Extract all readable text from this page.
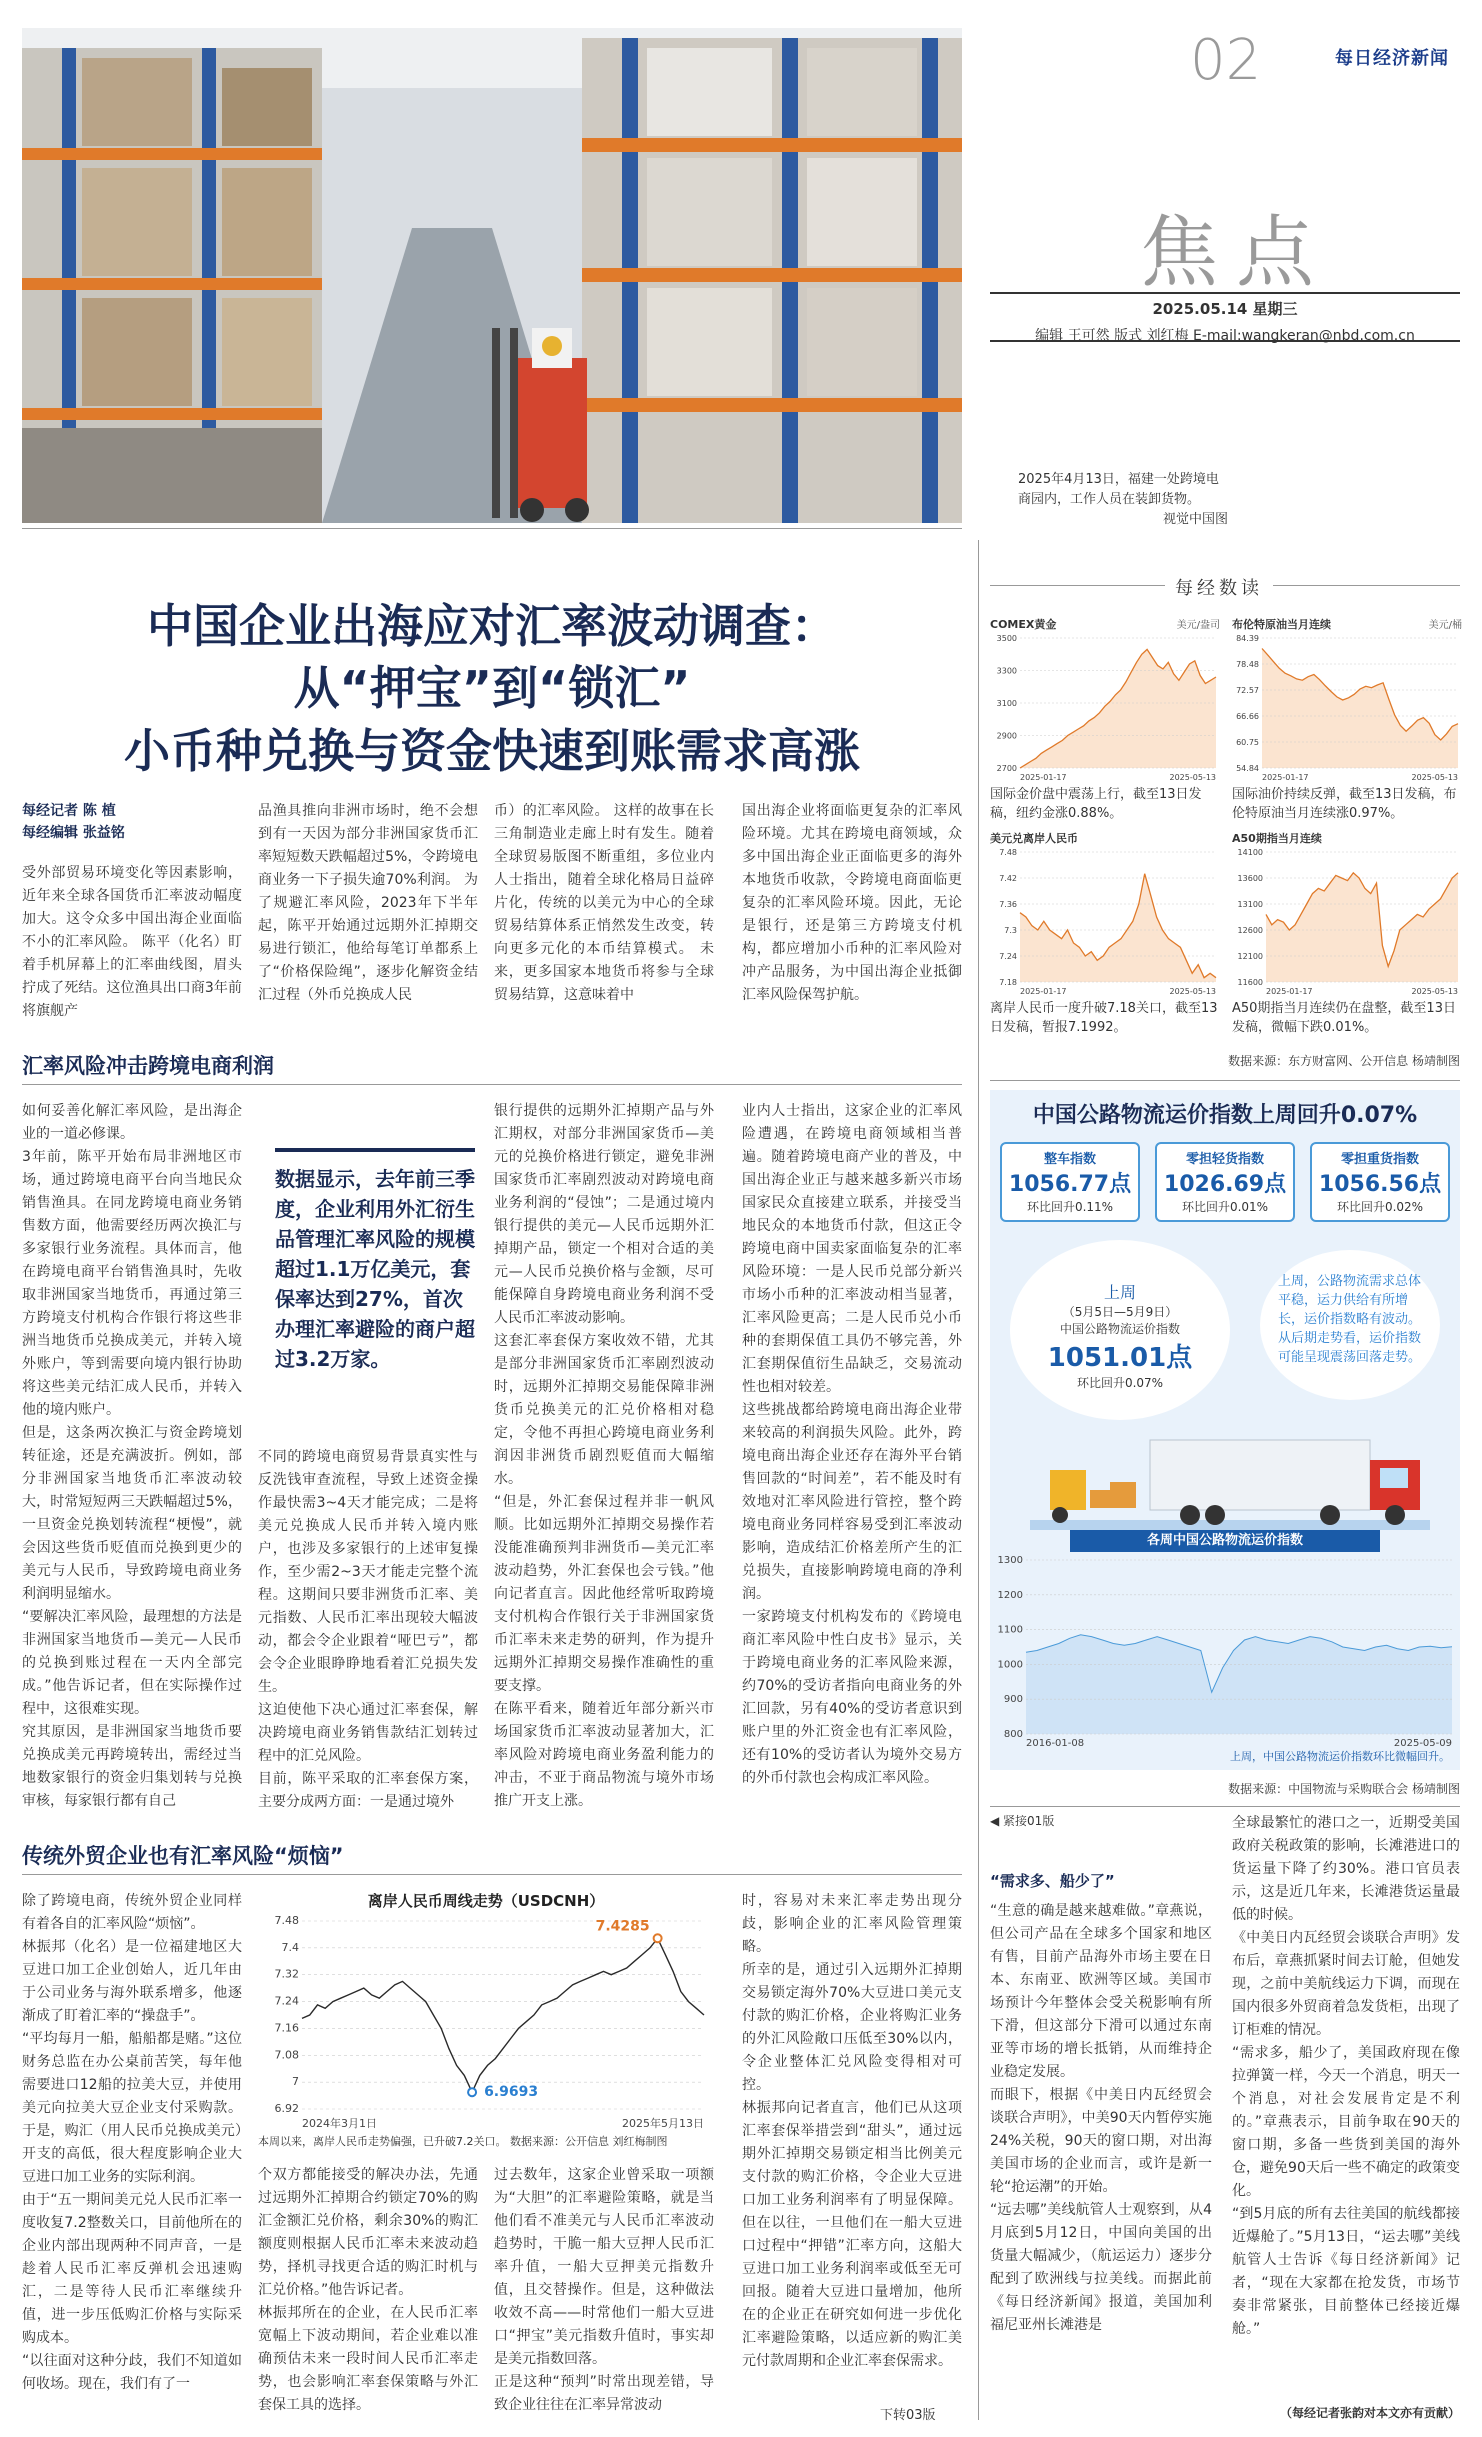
02	每日经济新闻
焦点
2025.05.14 星期三
编辑 王可然 版式 刘红梅 E-mail:wangkeran@nbd.com.cn
2025年4月13日，福建一处跨境电商园内，工作人员在装卸货物。

视觉中国图
中国企业出海应对汇率波动调查：
从“押宝”到“锁汇”
小币种兑换与资金快速到账需求高涨
每经记者 陈 植
每经编辑 张益铭
受外部贸易环境变化等因素影响，近年来全球各国货币汇率波动幅度加大。这令众多中国出海企业面临不小的汇率风险。 陈平（化名）盯着手机屏幕上的汇率曲线图，眉头拧成了死结。这位渔具出口商3年前将旗舰产
品渔具推向非洲市场时，绝不会想到有一天因为部分非洲国家货币汇率短短数天跌幅超过5%，令跨境电商业务一下子损失逾70%利润。 为了规避汇率风险，2023年下半年起，陈平开始通过远期外汇掉期交易进行锁汇，他给每笔订单都系上了“价格保险绳”，逐步化解资金结汇过程（外币兑换成人民
币）的汇率风险。 这样的故事在长三角制造业走廊上时有发生。随着全球贸易版图不断重组，多位业内人士指出，随着全球化格局日益碎片化，传统的以美元为中心的全球贸易结算体系正悄然发生改变，转向更多元化的本币结算模式。 未来，更多国家本地货币将参与全球贸易结算，这意味着中
国出海企业将面临更复杂的汇率风险环境。尤其在跨境电商领域，众多中国出海企业正面临更多的海外本地货币收款，令跨境电商面临更复杂的汇率风险环境。因此，无论是银行，还是第三方跨境支付机构，都应增加小币种的汇率风险对冲产品服务，为中国出海企业抵御汇率风险保驾护航。
汇率风险冲击跨境电商利润
如何妥善化解汇率风险，是出海企业的一道必修课。
3年前，陈平开始布局非洲地区市场，通过跨境电商平台向当地民众销售渔具。在同龙跨境电商业务销售数方面，他需要经历两次换汇与多家银行业务流程。具体而言，他在跨境电商平台销售渔具时，先收取非洲国家当地货币，再通过第三方跨境支付机构合作银行将这些非洲当地货币兑换成美元，并转入境外账户，等到需要向境内银行协助将这些美元结汇成人民币，并转入他的境内账户。
但是，这条两次换汇与资金跨境划转征途，还是充满波折。例如，部分非洲国家当地货币汇率波动较大，时常短短两三天跌幅超过5%，一旦资金兑换划转流程“梗慢”，就会因这些货币贬值而兑换到更少的美元与人民币，导致跨境电商业务利润明显缩水。
“要解决汇率风险，最理想的方法是非洲国家当地货币—美元—人民币的兑换到账过程在一天内全部完成。”他告诉记者，但在实际操作过程中，这很难实现。
究其原因，是非洲国家当地货币要兑换成美元再跨境转出，需经过当地数家银行的资金归集划转与兑换审核，每家银行都有自己
数据显示，去年前三季度，企业利用外汇衍生品管理汇率风险的规模超过1.1万亿美元，套保率达到27%，首次办理汇率避险的商户超过3.2万家。
不同的跨境电商贸易背景真实性与反洗钱审查流程，导致上述资金操作最快需3~4天才能完成；二是将美元兑换成人民币并转入境内账户，也涉及多家银行的上述审复操作，至少需2~3天才能走完整个流程。这期间只要非洲货币汇率、美元指数、人民币汇率出现较大幅波动，都会令企业跟着“哑巴亏”，都会令企业眼睁睁地看着汇兑损失发生。
这迫使他下决心通过汇率套保，解决跨境电商业务销售款结汇划转过程中的汇兑风险。
目前，陈平采取的汇率套保方案，主要分成两方面：一是通过境外
银行提供的远期外汇掉期产品与外汇期权，对部分非洲国家货币—美元的兑换价格进行锁定，避免非洲国家货币汇率剧烈波动对跨境电商业务利润的“侵蚀”；二是通过境内银行提供的美元—人民币远期外汇掉期产品，锁定一个相对合适的美元—人民币兑换价格与金额，尽可能保障自身跨境电商业务利润不受人民币汇率波动影响。
这套汇率套保方案收效不错，尤其是部分非洲国家货币汇率剧烈波动时，远期外汇掉期交易能保障非洲货币兑换美元的汇兑价格相对稳定，令他不再担心跨境电商业务利润因非洲货币剧烈贬值而大幅缩水。
“但是，外汇套保过程并非一帆风顺。比如远期外汇掉期交易操作若没能准确预判非洲货币—美元汇率波动趋势，外汇套保也会亏钱。”他向记者直言。因此他经常听取跨境支付机构合作银行关于非洲国家货币汇率未来走势的研判，作为提升远期外汇掉期交易操作准确性的重要支撑。
在陈平看来，随着近年部分新兴市场国家货币汇率波动显著加大，汇率风险对跨境电商业务盈利能力的冲击，不亚于商品物流与境外市场推广开支上涨。
业内人士指出，这家企业的汇率风险遭遇，在跨境电商领域相当普遍。随着跨境电商产业的普及，中国出海企业正与越来越多新兴市场国家民众直接建立联系，并接受当地民众的本地货币付款，但这正令跨境电商中国卖家面临复杂的汇率风险环境：一是人民币兑部分新兴市场小币种的汇率波动相当显著，汇率风险更高；二是人民币兑小币种的套期保值工具仍不够完善，外汇套期保值衍生品缺乏，交易流动性也相对较差。
这些挑战都给跨境电商出海企业带来较高的利润损失风险。此外，跨境电商出海企业还存在海外平台销售回款的“时间差”，若不能及时有效地对汇率风险进行管控，整个跨境电商业务同样容易受到汇率波动影响，造成结汇价格差所产生的汇兑损失，直接影响跨境电商的净利润。
一家跨境支付机构发布的《跨境电商汇率风险中性白皮书》显示，关于跨境电商业务的汇率风险来源，约70%的受访者指向电商业务的外汇回款，另有40%的受访者意识到账户里的外汇资金也有汇率风险，还有10%的受访者认为境外交易方的外币付款也会构成汇率风险。
传统外贸企业也有汇率风险“烦恼”
除了跨境电商，传统外贸企业同样有着各自的汇率风险“烦恼”。
林振邦（化名）是一位福建地区大豆进口加工企业创始人，近几年由于公司业务与海外联系增多，他逐渐成了盯着汇率的“操盘手”。
“平均每月一船，船船都是赌。”这位财务总监在办公桌前苦笑，每年他需要进口12船的拉美大豆，并使用美元向拉美大豆企业支付采购款。于是，购汇（用人民币兑换成美元）开支的高低，很大程度影响企业大豆进口加工业务的实际利润。
由于“五一期间美元兑人民币汇率一度收复7.2整数关口，目前他所在的企业内部出现两种不同声音，一是趁着人民币汇率反弹机会迅速购汇，二是等待人民币汇率继续升值，进一步压低购汇价格与实际采购成本。
“以往面对这种分歧，我们不知道如何收场。现在，我们有了一
离岸人民币周线走势（USDCNH）
6.92
7
7.08
7.16
7.24
7.32
7.4
7.48
2024年3月1日	2025年5月13日
7.4285
6.9693
本周以来，离岸人民币走势偏强，已升破7.2关口。 数据来源：公开信息 刘红梅制图
个双方都能接受的解决办法，先通过远期外汇掉期合约锁定70%的购汇金额汇兑价格，剩余30%的购汇额度则根据人民币汇率未来波动趋势，择机寻找更合适的购汇时机与汇兑价格。”他告诉记者。
林振邦所在的企业，在人民币汇率宽幅上下波动期间，若企业难以准确预估未来一段时间人民币汇率走势，也会影响汇率套保策略与外汇套保工具的选择。
过去数年，这家企业曾采取一项额为“大胆”的汇率避险策略，就是当他们看不准美元与人民币汇率波动趋势时，干脆一船大豆押人民币汇率升值，一船大豆押美元指数升值，且交替操作。但是，这种做法收效不高——时常他们一船大豆进口“押宝”美元指数升值时，事实却是美元指数回落。
正是这种“预判”时常出现差错，导致企业往往在汇率异常波动
时，容易对未来汇率走势出现分歧，影响企业的汇率风险管理策略。
所幸的是，通过引入远期外汇掉期交易锁定海外70%大豆进口美元支付款的购汇价格，企业将购汇业务的外汇风险敞口压低至30%以内，令企业整体汇兑风险变得相对可控。
林振邦向记者直言，他们已从这项汇率套保举措尝到“甜头”，通过远期外汇掉期交易锁定相当比例美元支付款的购汇价格，令企业大豆进口加工业务利润率有了明显保障。但在以往，一旦他们在一船大豆进口过程中“押错”汇率方向，这船大豆进口加工业务利润率或低至无可回报。随着大豆进口量增加，他所在的企业正在研究如何进一步优化汇率避险策略，以适应新的购汇美元付款周期和企业汇率套保需求。
下转03版
每经数读
COMEX黄金	美元/盎司
2700
2900
3100
3300
3500
2025-01-17	2025-05-13
国际金价盘中震荡上行，截至13日发稿，纽约金涨0.88%。
布伦特原油当月连续	美元/桶
54.84
60.75
66.66
72.57
78.48
84.39
2025-01-17	2025-05-13
国际油价持续反弹，截至13日发稿，布伦特原油当月连续涨0.97%。
美元兑离岸人民币
7.18
7.24
7.3
7.36
7.42
7.48
2025-01-17	2025-05-13
离岸人民币一度升破7.18关口，截至13日发稿，暂报7.1992。
A50期指当月连续
11600
12100
12600
13100
13600
14100
2025-01-17	2025-05-13
A50期指当月连续仍在盘整，截至13日发稿，微幅下跌0.01%。
数据来源：东方财富网、公开信息 杨靖制图
中国公路物流运价指数上周回升0.07%
整车指数
1056.77点
环比回升0.11%
零担轻货指数
1026.69点
环比回升0.01%
零担重货指数
1056.56点
环比回升0.02%
上周
（5月5日—5月9日）
中国公路物流运价指数
1051.01点
环比回升0.07%
上周，公路物流需求总体平稳，运力供给有所增长，运价指数略有波动。从后期走势看，运价指数可能呈现震荡回落走势。
各周中国公路物流运价指数
800
900
1000
1100
1200
1300
2016-01-08	2025-05-09
上周，中国公路物流运价指数环比微幅回升。
数据来源：中国物流与采购联合会 杨靖制图
◀ 紧接01版
“需求多、船少了”
“生意的确是越来越难做。”章燕说，但公司产品在全球多个国家和地区有售，目前产品海外市场主要在日本、东南亚、欧洲等区域。美国市场预计今年整体会受关税影响有所下滑，但这部分下滑可以通过东南亚等市场的增长抵销，从而维持企业稳定发展。
而眼下，根据《中美日内瓦经贸会谈联合声明》，中美90天内暂停实施24%关税，90天的窗口期，对出海美国市场的企业而言，或许是新一轮“抢运潮”的开始。
“远去哪”美线航管人士观察到，从4月底到5月12日，中国向美国的出货量大幅减少，（航运运力）逐步分配到了欧洲线与拉美线。而据此前《每日经济新闻》报道，美国加利福尼亚州长滩港是
全球最繁忙的港口之一，近期受美国政府关税政策的影响，长滩港进口的货运量下降了约30%。港口官员表示，这是近几年来，长滩港货运量最低的时候。
《中美日内瓦经贸会谈联合声明》发布后，章燕抓紧时间去订舱，但她发现，之前中美航线运力下调，而现在国内很多外贸商着急发货柜，出现了订柜难的情况。
“需求多，船少了，美国政府现在像拉弹簧一样，今天一个消息，明天一个消息，对社会发展肯定是不利的。”章燕表示，目前争取在90天的窗口期，多备一些货到美国的海外仓，避免90天后一些不确定的政策变化。
“到5月底的所有去往美国的航线都接近爆舱了。”5月13日，“运去哪”美线航管人士告诉《每日经济新闻》记者，“现在大家都在抢发货，市场节奏非常紧张，目前整体已经接近爆舱。”
（每经记者张韵对本文亦有贡献）
